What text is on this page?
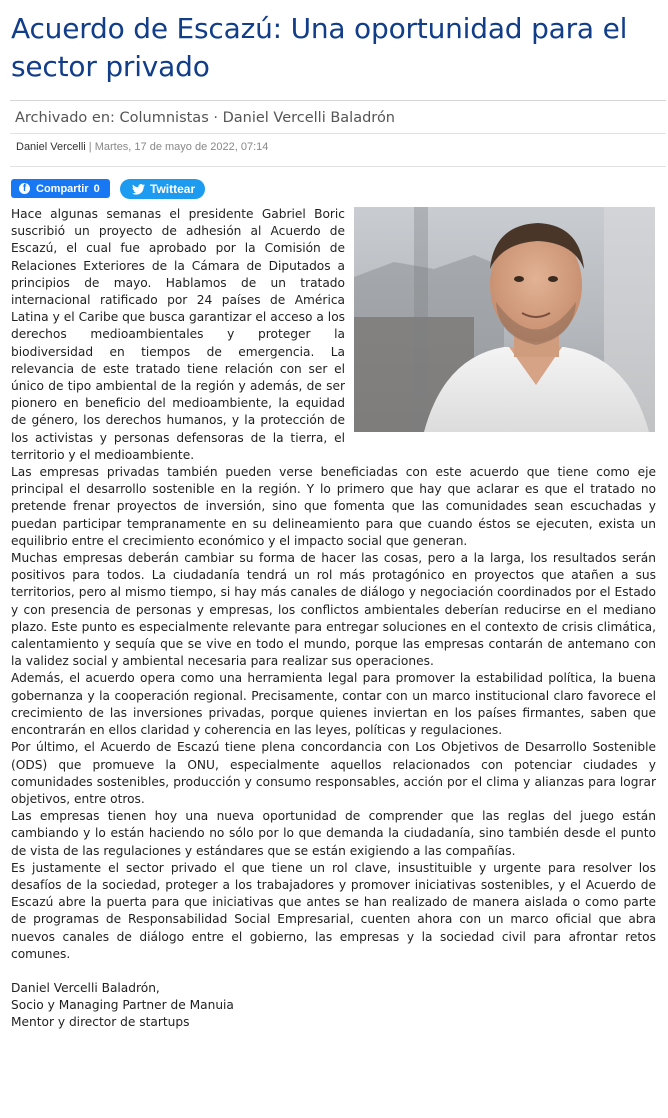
Acuerdo de Escazú: Una oportunidad para el sector privado
Archivado en: Columnistas · Daniel Vercelli Baladrón
Daniel Vercelli | Martes, 17 de mayo de 2022, 07:14
f Compartir 0	Twittear

Hace algunas semanas el presidente Gabriel Boric suscribió un proyecto de adhesión al Acuerdo de Escazú, el cual fue aprobado por la Comisión de Relaciones Exteriores de la Cámara de Diputados a principios de mayo. Hablamos de un tratado internacional ratificado por 24 países de América Latina y el Caribe que busca garantizar el acceso a los derechos medioambientales y proteger la biodiversidad en tiempos de emergencia. La relevancia de este tratado tiene relación con ser el único de tipo ambiental de la región y además, de ser pionero en beneficio del medioambiente, la equidad de género, los derechos humanos, y la protección de los activistas y personas defensoras de la tierra, el territorio y el medioambiente.

Las empresas privadas también pueden verse beneficiadas con este acuerdo que tiene como eje principal el desarrollo sostenible en la región. Y lo primero que hay que aclarar es que el tratado no pretende frenar proyectos de inversión, sino que fomenta que las comunidades sean escuchadas y puedan participar tempranamente en su delineamiento para que cuando éstos se ejecuten, exista un equilibrio entre el crecimiento económico y el impacto social que generan.

Muchas empresas deberán cambiar su forma de hacer las cosas, pero a la larga, los resultados serán positivos para todos. La ciudadanía tendrá un rol más protagónico en proyectos que atañen a sus territorios, pero al mismo tiempo, si hay más canales de diálogo y negociación coordinados por el Estado y con presencia de personas y empresas, los conflictos ambientales deberían reducirse en el mediano plazo. Este punto es especialmente relevante para entregar soluciones en el contexto de crisis climática, calentamiento y sequía que se vive en todo el mundo, porque las empresas contarán de antemano con la validez social y ambiental necesaria para realizar sus operaciones.

Además, el acuerdo opera como una herramienta legal para promover la estabilidad política, la buena gobernanza y la cooperación regional. Precisamente, contar con un marco institucional claro favorece el crecimiento de las inversiones privadas, porque quienes inviertan en los países firmantes, saben que encontrarán en ellos claridad y coherencia en las leyes, políticas y regulaciones.

Por último, el Acuerdo de Escazú tiene plena concordancia con Los Objetivos de Desarrollo Sostenible (ODS) que promueve la ONU, especialmente aquellos relacionados con potenciar ciudades y comunidades sostenibles, producción y consumo responsables, acción por el clima y alianzas para lograr objetivos, entre otros.

Las empresas tienen hoy una nueva oportunidad de comprender que las reglas del juego están cambiando y lo están haciendo no sólo por lo que demanda la ciudadanía, sino también desde el punto de vista de las regulaciones y estándares que se están exigiendo a las compañías.

Es justamente el sector privado el que tiene un rol clave, insustituible y urgente para resolver los desafíos de la sociedad, proteger a los trabajadores y promover iniciativas sostenibles, y el Acuerdo de Escazú abre la puerta para que iniciativas que antes se han realizado de manera aislada o como parte de programas de Responsabilidad Social Empresarial, cuenten ahora con un marco oficial que abra nuevos canales de diálogo entre el gobierno, las empresas y la sociedad civil para afrontar retos comunes.

Daniel Vercelli Baladrón,
Socio y Managing Partner de Manuia
Mentor y director de startups
